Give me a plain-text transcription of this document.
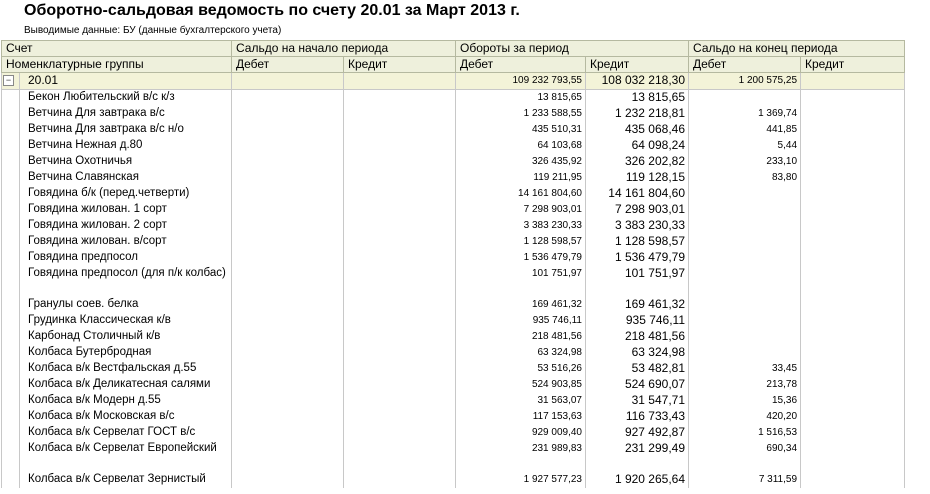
Оборотно-сальдовая ведомость по счету 20.01 за Март 2013 г.
Выводимые данные: БУ (данные бухгалтерского учета)
Счет		Сальдо на начало периода		Обороты за период		Сальдо на конец периода	
Номенклатурные группы		Дебет	Кредит	Дебет	Кредит	Дебет	Кредит
−	20.01			109 232 793,55	108 032 218,30	1 200 575,25	
	Бекон Любительский в/с к/з			13 815,65	13 815,65		
	Ветчина Для завтрака в/с			1 233 588,55	1 232 218,81	1 369,74	
	Ветчина Для завтрака в/с н/о			435 510,31	435 068,46	441,85	
	Ветчина Нежная д.80			64 103,68	64 098,24	5,44	
	Ветчина Охотничья			326 435,92	326 202,82	233,10	
	Ветчина Славянская			119 211,95	119 128,15	83,80	
	Говядина б/к (перед.четверти)			14 161 804,60	14 161 804,60		
	Говядина жилован. 1 сорт			7 298 903,01	7 298 903,01		
	Говядина жилован. 2 сорт			3 383 230,33	3 383 230,33		
	Говядина жилован. в/сорт			1 128 598,57	1 128 598,57		
	Говядина предпосол			1 536 479,79	1 536 479,79		
	Говядина предпосол (для п/к колбас)			101 751,97	101 751,97		
	Гранулы соев. белка			169 461,32	169 461,32		
	Грудинка Классическая к/в			935 746,11	935 746,11		
	Карбонад Столичный к/в			218 481,56	218 481,56		
	Колбаса Бутербродная			63 324,98	63 324,98		
	Колбаса в/к Вестфальская д.55			53 516,26	53 482,81	33,45	
	Колбаса в/к Деликатесная салями			524 903,85	524 690,07	213,78	
	Колбаса в/к Модерн д.55			31 563,07	31 547,71	15,36	
	Колбаса в/к Московская в/с			117 153,63	116 733,43	420,20	
	Колбаса в/к Сервелат ГОСТ в/с			929 009,40	927 492,87	1 516,53	
	Колбаса в/к Сервелат Европейский			231 989,83	231 299,49	690,34	
	Колбаса в/к Сервелат Зернистый			1 927 577,23	1 920 265,64	7 311,59	
